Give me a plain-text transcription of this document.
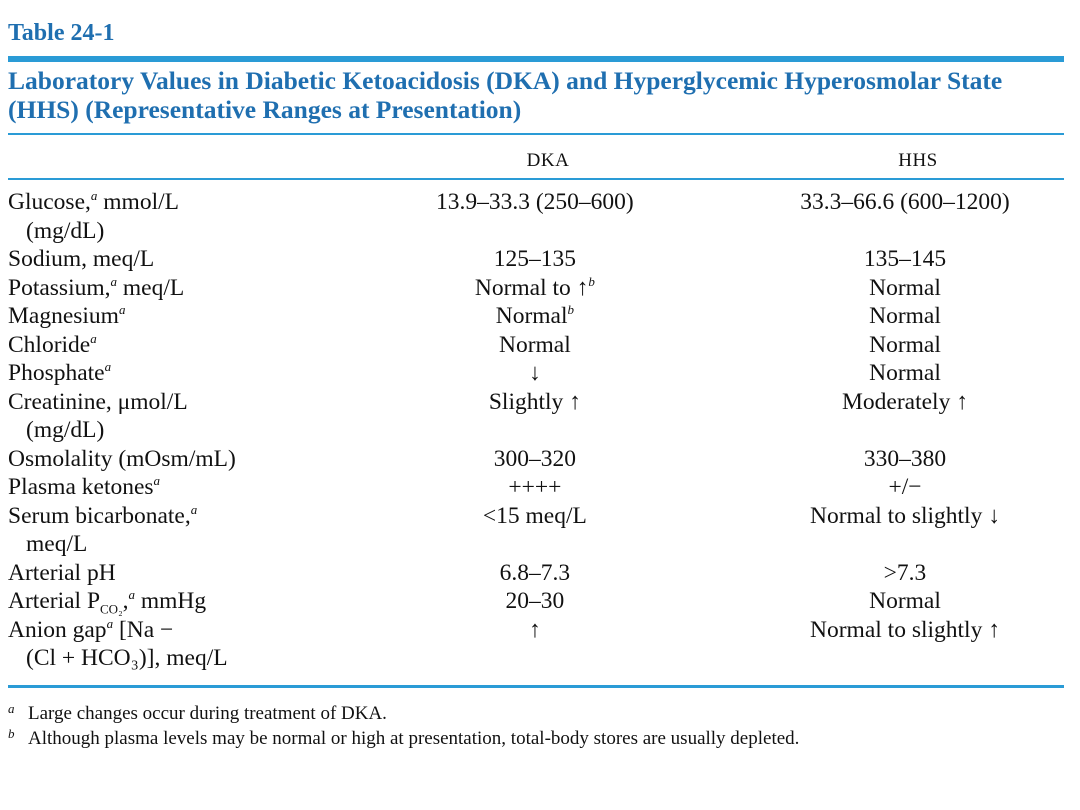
Table 24-1
Laboratory Values in Diabetic Ketoacidosis (DKA) and Hyperglycemic Hyperosmolar State (HHS) (Representative Ranges at Presentation)
DKA	HHS
Glucose,$^a$ mmol/L
(mg/dL)
13.9–33.3 (250–600)	33.3–66.6 (600–1200)
Sodium, meq/L	125–135	135–145
Potassium,$^a$ meq/L	Normal to ↑$^b$	Normal
Magnesium$^a$	Normal$^b$	Normal
Chloride$^a$	Normal	Normal
Phosphate$^a$	↓	Normal
Creatinine, μmol/L
(mg/dL)
Slightly ↑	Moderately ↑
Osmolality (mOsm/mL)	300–320	330–380
Plasma ketones$^a$	++++	+/−
Serum bicarbonate,$^a$
meq/L
<15 meq/L	Normal to slightly ↓
Arterial pH	6.8–7.3	>7.3
Arterial $P_{CO_2},^a$ mmHg	20–30	Normal
Anion gap$^a$ [Na −
(Cl + HCO₃)], meq/L
↑	Normal to slightly ↑
a Large changes occur during treatment of DKA.
b Although plasma levels may be normal or high at presentation, total-body stores are usually depleted.
